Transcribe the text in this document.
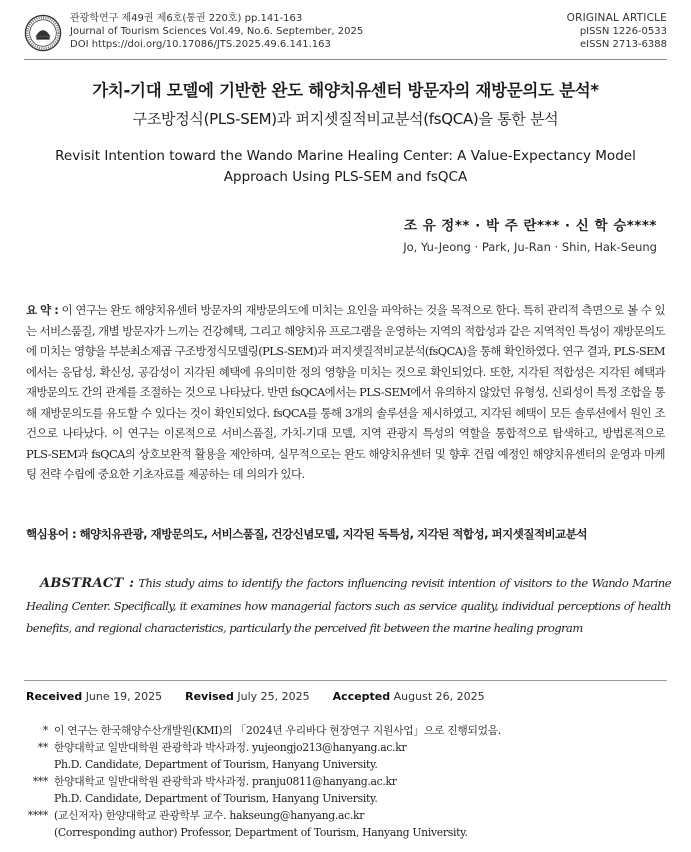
관광학연구 제49권 제6호(통권 220호) pp.141-163
Journal of Tourism Sciences Vol.49, No.6. September, 2025
DOI https://doi.org/10.17086/JTS.2025.49.6.141.163
ORIGINAL ARTICLE
pISSN 1226-0533
eISSN 2713-6388
가치-기대 모델에 기반한 완도 해양치유센터 방문자의 재방문의도 분석*
구조방정식(PLS-SEM)과 퍼지셋질적비교분석(fsQCA)을 통한 분석
Revisit Intention toward the Wando Marine Healing Center: A Value-Expectancy Model
Approach Using PLS-SEM and fsQCA
조 유 정** · 박 주 란*** · 신 학 승****
Jo, Yu-Jeong · Park, Ju-Ran · Shin, Hak-Seung
요 약 : 이 연구는 완도 해양치유센터 방문자의 재방문의도에 미치는 요인을 파악하는 것을 목적으로 한다. 특히 관리적 측면으로 볼 수 있는 서비스품질, 개별 방문자가 느끼는 건강혜택, 그리고 해양치유 프로그램을 운영하는 지역의 적합성과 같은 지역적인 특성이 재방문의도에 미치는 영향을 부분최소제곱 구조방정식모델링(PLS-SEM)과 퍼지셋질적비교분석(fsQCA)을 통해 확인하였다. 연구 결과, PLS-SEM에서는 응답성, 확신성, 공감성이 지각된 혜택에 유의미한 정의 영향을 미치는 것으로 확인되었다. 또한, 지각된 적합성은 지각된 혜택과 재방문의도 간의 관계를 조절하는 것으로 나타났다. 반면 fsQCA에서는 PLS-SEM에서 유의하지 않았던 유형성, 신뢰성이 특정 조합을 통해 재방문의도를 유도할 수 있다는 것이 확인되었다. fsQCA를 통해 3개의 솔루션을 제시하였고, 지각된 혜택이 모든 솔루션에서 원인 조건으로 나타났다. 이 연구는 이론적으로 서비스품질, 가치-기대 모델, 지역 관광지 특성의 역할을 통합적으로 탐색하고, 방법론적으로 PLS-SEM과 fsQCA의 상호보완적 활용을 제안하며, 실무적으로는 완도 해양치유센터 및 향후 건립 예정인 해양치유센터의 운영과 마케팅 전략 수립에 중요한 기초자료를 제공하는 데 의의가 있다.
핵심용어 : 해양치유관광, 재방문의도, 서비스품질, 건강신념모델, 지각된 독특성, 지각된 적합성, 퍼지셋질적비교분석
ABSTRACT : This study aims to identify the factors influencing revisit intention of visitors to the Wando Marine Healing Center. Specifically, it examines how managerial factors such as service quality, individual perceptions of health benefits, and regional characteristics, particularly the perceived fit between the marine healing program
Received June 19, 2025 Revised July 25, 2025 Accepted August 26, 2025
* 이 연구는 한국해양수산개발원(KMI)의 「2024년 우리바다 현장연구 지원사업」으로 진행되었음.
** 한양대학교 일반대학원 관광학과 박사과정. yujeongjo213@hanyang.ac.kr
Ph.D. Candidate, Department of Tourism, Hanyang University.
*** 한양대학교 일반대학원 관광학과 박사과정. pranju0811@hanyang.ac.kr
Ph.D. Candidate, Department of Tourism, Hanyang University.
**** (교신저자) 한양대학교 관광학부 교수. hakseung@hanyang.ac.kr
(Corresponding author) Professor, Department of Tourism, Hanyang University.
